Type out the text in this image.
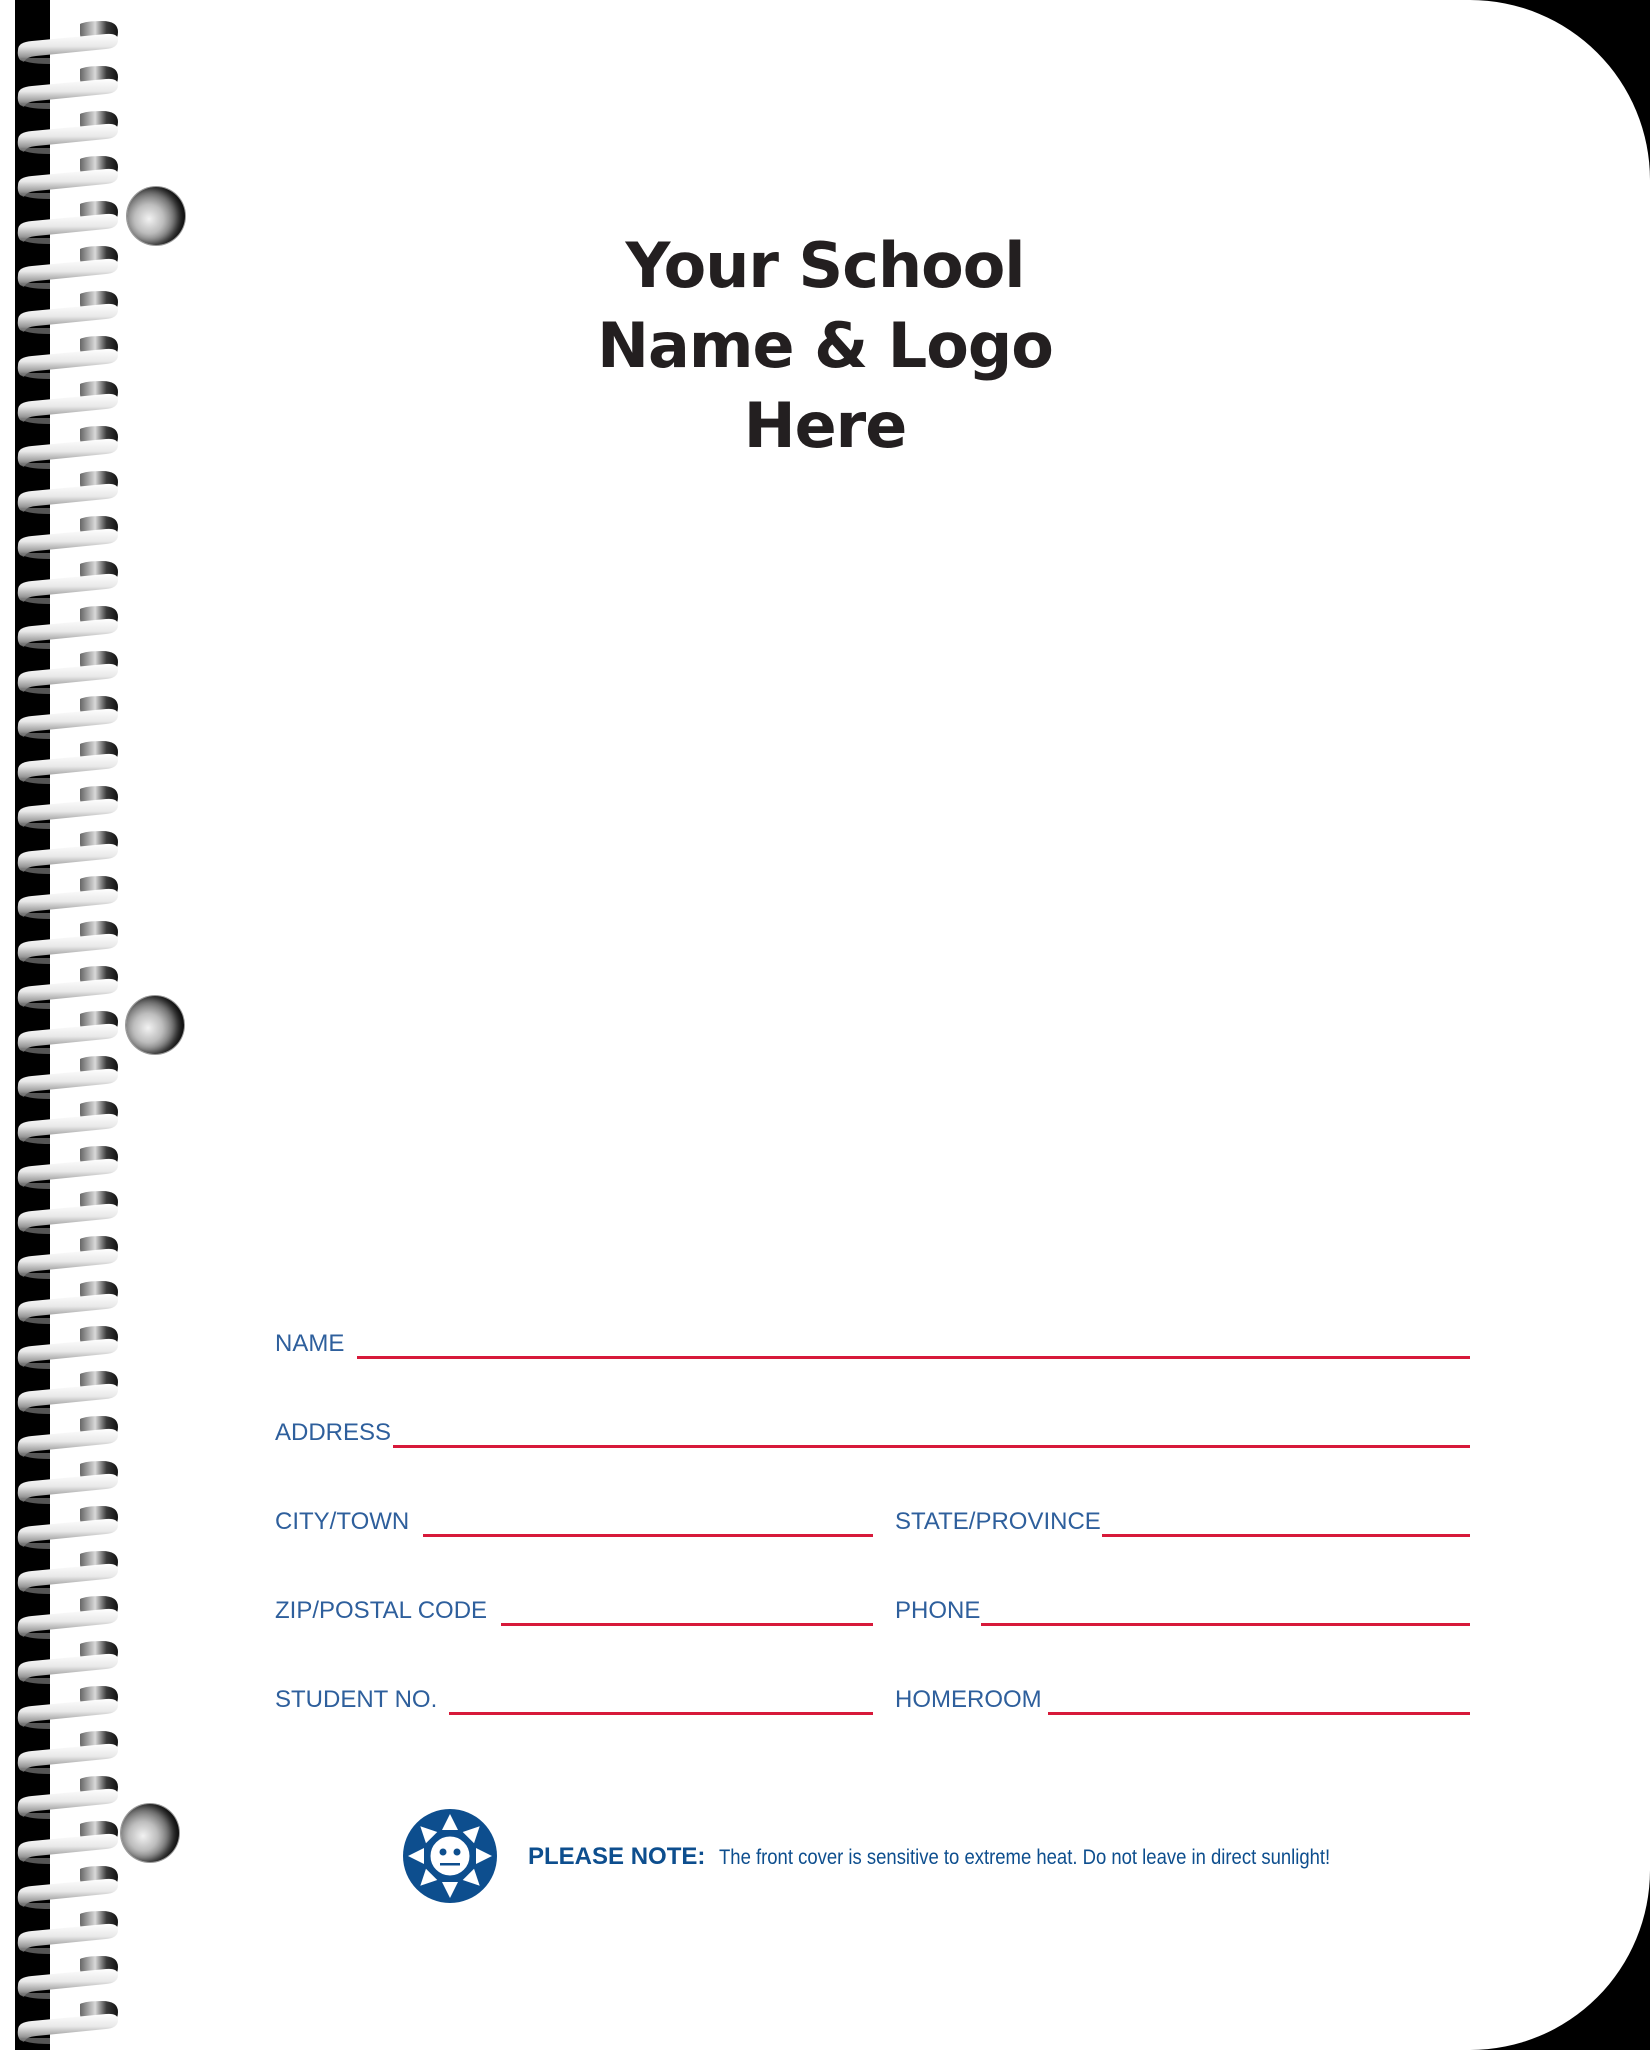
Your School
Name & Logo
Here
NAME
ADDRESS
CITY/TOWN	STATE/PROVINCE
ZIP/POSTAL CODE	PHONE
STUDENT NO.	HOMEROOM
PLEASE NOTE: The front cover is sensitive to extreme heat. Do not leave in direct sunlight!
